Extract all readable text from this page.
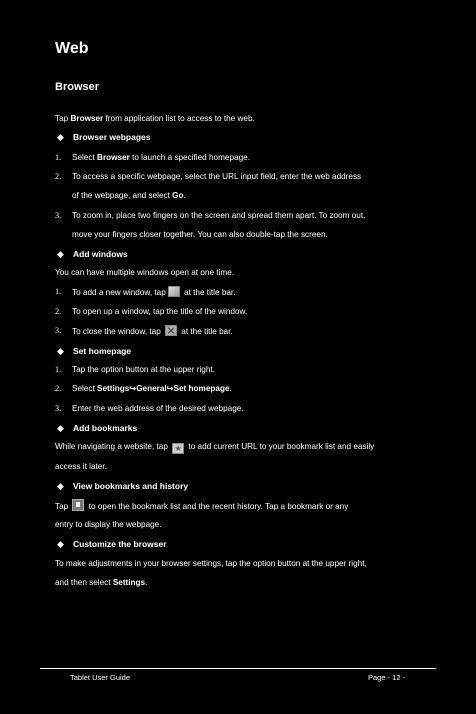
Web
Browser
Tap Browser from application list to access to the web.
◆ Browser webpages
1. Select Browser to launch a specified homepage.
2. To access a specific webpage, select the URL input field, enter the web address
of the webpage, and select Go.
3. To zoom in, place two fingers on the screen and spread them apart. To zoom out,
move your fingers closer together. You can also double-tap the screen.
◆ Add windows
You can have multiple windows open at one time.
1. To add a new window, tap at the title bar.
2. To open up a window, tap the title of the window.
3. To close the window, tap  at the title bar.
◆ Set homepage
1. Tap the option button at the upper right.
2. Select Settings↪General↪Set homepage.
3. Enter the web address of the desired webpage.
◆ Add bookmarks
While navigating a website, tap ★ to add current URL to your bookmark list and easily
access it later.
◆ View bookmarks and history
Tap  to open the bookmark list and the recent history. Tap a bookmark or any
entry to display the webpage.
◆ Customize the browser
To make adjustments in your browser settings, tap the option button at the upper right,
and then select Settings.
Tablet User Guide	Page - 12 -
